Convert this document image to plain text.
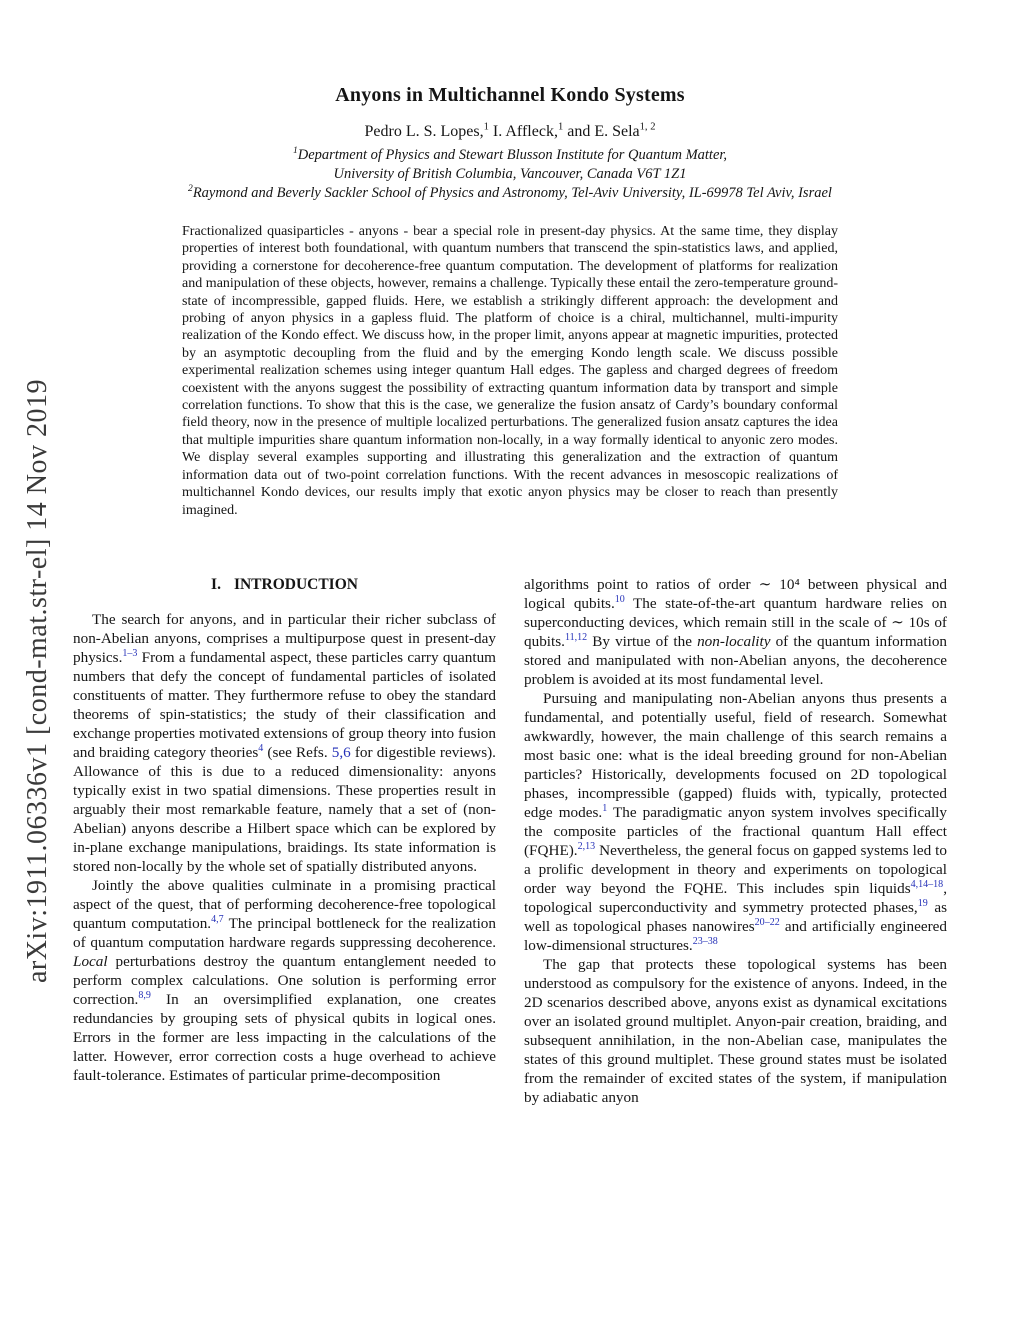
arXiv:1911.06336v1 [cond-mat.str-el] 14 Nov 2019
Anyons in Multichannel Kondo Systems
Pedro L. S. Lopes,$^1$ I. Affleck,$^1$ and E. Sela$^{1, 2}$
$^1$Department of Physics and Stewart Blusson Institute for Quantum Matter,
University of British Columbia, Vancouver, Canada V6T 1Z1
$^2$Raymond and Beverly Sackler School of Physics and Astronomy, Tel-Aviv University, IL-69978 Tel Aviv, Israel
Fractionalized quasiparticles - anyons - bear a special role in present-day physics. At the same time, they display properties of interest both foundational, with quantum numbers that transcend the spin-statistics laws, and applied, providing a cornerstone for decoherence-free quantum computation. The development of platforms for realization and manipulation of these objects, however, remains a challenge. Typically these entail the zero-temperature ground-state of incompressible, gapped fluids. Here, we establish a strikingly different approach: the development and probing of anyon physics in a gapless fluid. The platform of choice is a chiral, multichannel, multi-impurity realization of the Kondo effect. We discuss how, in the proper limit, anyons appear at magnetic impurities, protected by an asymptotic decoupling from the fluid and by the emerging Kondo length scale. We discuss possible experimental realization schemes using integer quantum Hall edges. The gapless and charged degrees of freedom coexistent with the anyons suggest the possibility of extracting quantum information data by transport and simple correlation functions. To show that this is the case, we generalize the fusion ansatz of Cardy’s boundary conformal field theory, now in the presence of multiple localized perturbations. The generalized fusion ansatz captures the idea that multiple impurities share quantum information non-locally, in a way formally identical to anyonic zero modes. We display several examples supporting and illustrating this generalization and the extraction of quantum information data out of two-point correlation functions. With the recent advances in mesoscopic realizations of multichannel Kondo devices, our results imply that exotic anyon physics may be closer to reach than presently imagined.
I. INTRODUCTION

The search for anyons, and in particular their richer subclass of non-Abelian anyons, comprises a multipurpose quest in present-day physics.$^{1-3}$ From a fundamental aspect, these particles carry quantum numbers that defy the concept of fundamental particles of isolated constituents of matter. They furthermore refuse to obey the standard theorems of spin-statistics; the study of their classification and exchange properties motivated extensions of group theory into fusion and braiding category theories$^4$ (see Refs. 5,6 for digestible reviews). Allowance of this is due to a reduced dimensionality: anyons typically exist in two spatial dimensions. These properties result in arguably their most remarkable feature, namely that a set of (non-Abelian) anyons describe a Hilbert space which can be explored by in-plane exchange manipulations, braidings. Its state information is stored non-locally by the whole set of spatially distributed anyons.

Jointly the above qualities culminate in a promising practical aspect of the quest, that of performing decoherence-free topological quantum computation.$^{4,7}$ The principal bottleneck for the realization of quantum computation hardware regards suppressing decoherence. Local perturbations destroy the quantum entanglement needed to perform complex calculations. One solution is performing error correction.$^{8,9}$ In an oversimplified explanation, one creates redundancies by grouping sets of physical qubits in logical ones. Errors in the former are less impacting in the calculations of the latter. However, error correction costs a huge overhead to achieve fault-tolerance. Estimates of particular prime-decomposition

algorithms point to ratios of order ∼ 10⁴ between physical and logical qubits.$^{10}$ The state-of-the-art quantum hardware relies on superconducting devices, which remain still in the scale of ∼ 10s of qubits.$^{11,12}$ By virtue of the non-locality of the quantum information stored and manipulated with non-Abelian anyons, the decoherence problem is avoided at its most fundamental level.

Pursuing and manipulating non-Abelian anyons thus presents a fundamental, and potentially useful, field of research. Somewhat awkwardly, however, the main challenge of this search remains a most basic one: what is the ideal breeding ground for non-Abelian particles? Historically, developments focused on 2D topological phases, incompressible (gapped) fluids with, typically, protected edge modes.$^1$ The paradigmatic anyon system involves specifically the composite particles of the fractional quantum Hall effect (FQHE).$^{2,13}$ Nevertheless, the general focus on gapped systems led to a prolific development in theory and experiments on topological order way beyond the FQHE. This includes spin liquids$^{4,14-18}$, topological superconductivity and symmetry protected phases,$^{19}$ as well as topological phases nanowires$^{20-22}$ and artificially engineered low-dimensional structures.$^{23-38}$

The gap that protects these topological systems has been understood as compulsory for the existence of anyons. Indeed, in the 2D scenarios described above, anyons exist as dynamical excitations over an isolated ground multiplet. Anyon-pair creation, braiding, and subsequent annihilation, in the non-Abelian case, manipulates the states of this ground multiplet. These ground states must be isolated from the remainder of excited states of the system, if manipulation by adiabatic anyon
